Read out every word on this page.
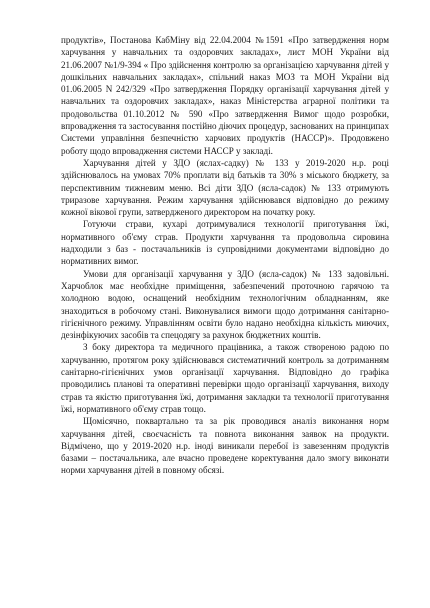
продуктів», Постанова КабМіну від 22.04.2004 №1591 «Про затвердження норм харчування у навчальних та оздоровчих закладах», лист МОН України від 21.06.2007 №1/9-394 « Про здійснення контролю за організацією харчування дітей у дошкільних навчальних закладах», спільний наказ МОЗ та МОН України від 01.06.2005 N 242/329 «Про затвердження Порядку організації харчування дітей у навчальних та оздоровчих закладах», наказ Міністерства аграрної політики та продовольства 01.10.2012 № 590 «Про затвердження Вимог щодо розробки, впровадження та застосування постійно діючих процедур, заснованих на принципах Системи управління безпечністю харчових продуктів (НАССР)». Продовжено роботу щодо впровадження системи НАССР у закладі.

Харчування дітей у ЗДО (яслах-садку) № 133 у 2019-2020 н.р. році здійснювалось на умовах 70% проплати від батьків та 30% з міського бюджету, за перспективним тижневим меню. Всі діти ЗДО (ясла-садок) № 133 отримують триразове харчування. Режим харчування здійснювався відповідно до режиму кожної вікової групи, затвердженого директором на початку року.

Готуючи страви, кухарі дотримувалися технології приготування їжі, нормативного об'єму страв. Продукти харчування та продовольча сировина надходили з баз - постачальників із супровідними документами відповідно до нормативних вимог.

Умови для організації харчування у ЗДО (ясла-садок) № 133 задовільні. Харчоблок має необхідне приміщення, забезпечений проточною гарячою та холодною водою, оснащений необхідним технологічним обладнанням, яке знаходиться в робочому стані. Виконувалися вимоги щодо дотримання санітарно-гігієнічного режиму. Управлінням освіти було надано необхідна кількість миючих, дезінфікуючих засобів та спецодягу за рахунок бюджетних коштів.

З боку директора та медичного працівника, а також створеною радою по харчуванню, протягом року здійснювався систематичний контроль за дотриманням санітарно-гігієнічних умов організації харчування. Відповідно до графіка проводились планові та оперативні перевірки щодо організації харчування, виходу страв та якістю приготування їжі, дотримання закладки та технології приготування їжі, нормативного об'єму страв тощо.

Щомісячно, поквартально та за рік проводився аналіз виконання норм харчування дітей, своєчасність та повнота виконання заявок на продукти. Відмічено, що у 2019-2020 н.р. іноді виникали перебої із завезенням продуктів базами – постачальника, але вчасно проведене коректування дало змогу виконати норми харчування дітей в повному обсязі.
